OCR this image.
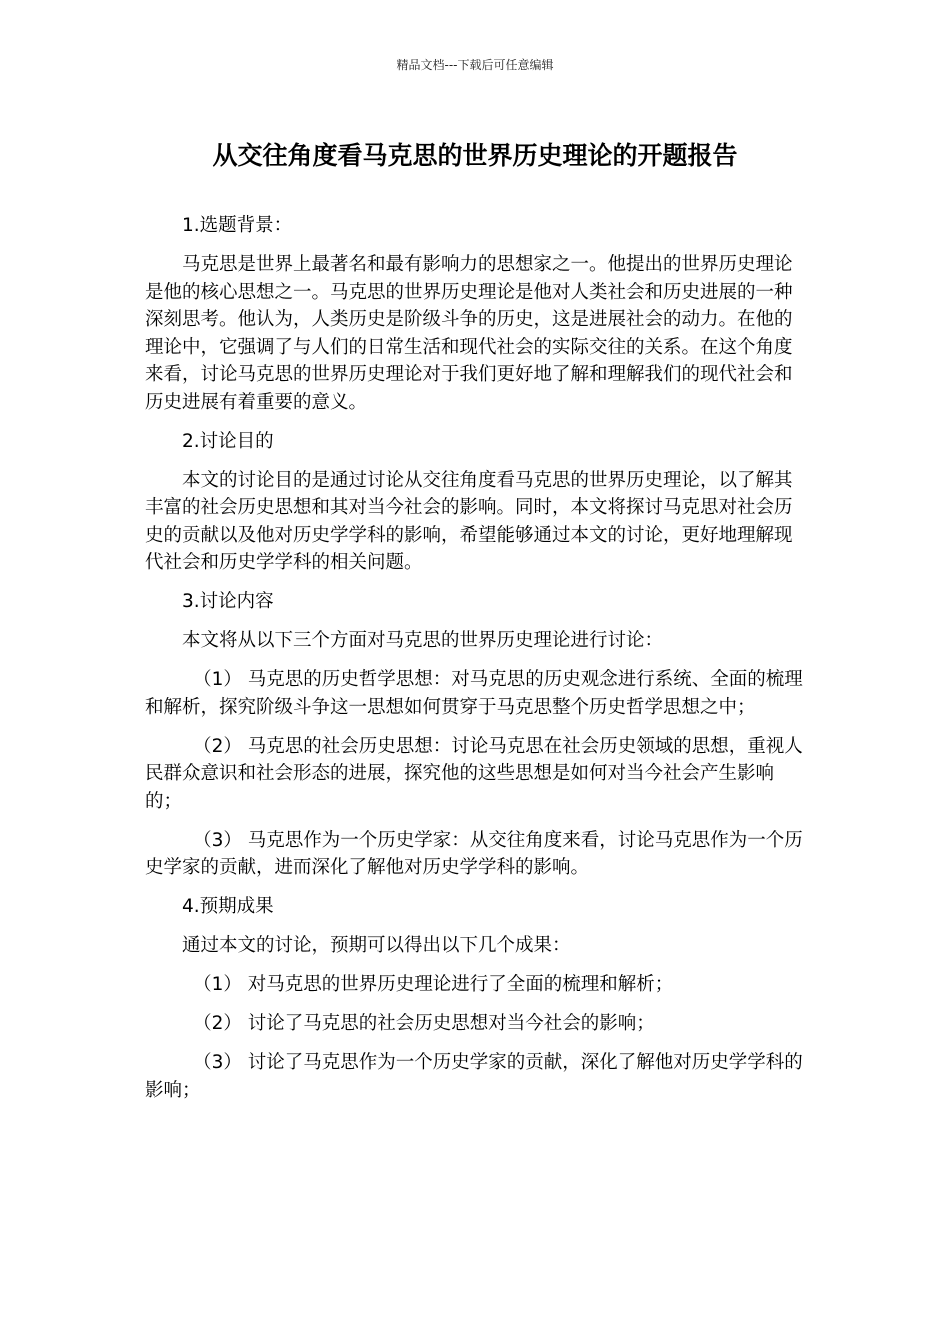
精品文档---下载后可任意编辑
从交往角度看马克思的世界历史理论的开题报告

1.选题背景：

马克思是世界上最著名和最有影响力的思想家之一。他提出的世界历史理论是他的核心思想之一。马克思的世界历史理论是他对人类社会和历史进展的一种深刻思考。他认为，人类历史是阶级斗争的历史，这是进展社会的动力。在他的理论中，它强调了与人们的日常生活和现代社会的实际交往的关系。在这个角度来看，讨论马克思的世界历史理论对于我们更好地了解和理解我们的现代社会和历史进展有着重要的意义。

2.讨论目的

本文的讨论目的是通过讨论从交往角度看马克思的世界历史理论，以了解其丰富的社会历史思想和其对当今社会的影响。同时，本文将探讨马克思对社会历史的贡献以及他对历史学学科的影响，希望能够通过本文的讨论，更好地理解现代社会和历史学学科的相关问题。

3.讨论内容

本文将从以下三个方面对马克思的世界历史理论进行讨论：

（1） 马克思的历史哲学思想：对马克思的历史观念进行系统、全面的梳理和解析，探究阶级斗争这一思想如何贯穿于马克思整个历史哲学思想之中；

（2） 马克思的社会历史思想：讨论马克思在社会历史领域的思想，重视人民群众意识和社会形态的进展，探究他的这些思想是如何对当今社会产生影响的；

（3） 马克思作为一个历史学家：从交往角度来看，讨论马克思作为一个历史学家的贡献，进而深化了解他对历史学学科的影响。

4.预期成果

通过本文的讨论，预期可以得出以下几个成果：

（1） 对马克思的世界历史理论进行了全面的梳理和解析；

（2） 讨论了马克思的社会历史思想对当今社会的影响；

（3） 讨论了马克思作为一个历史学家的贡献，深化了解他对历史学学科的影响；
